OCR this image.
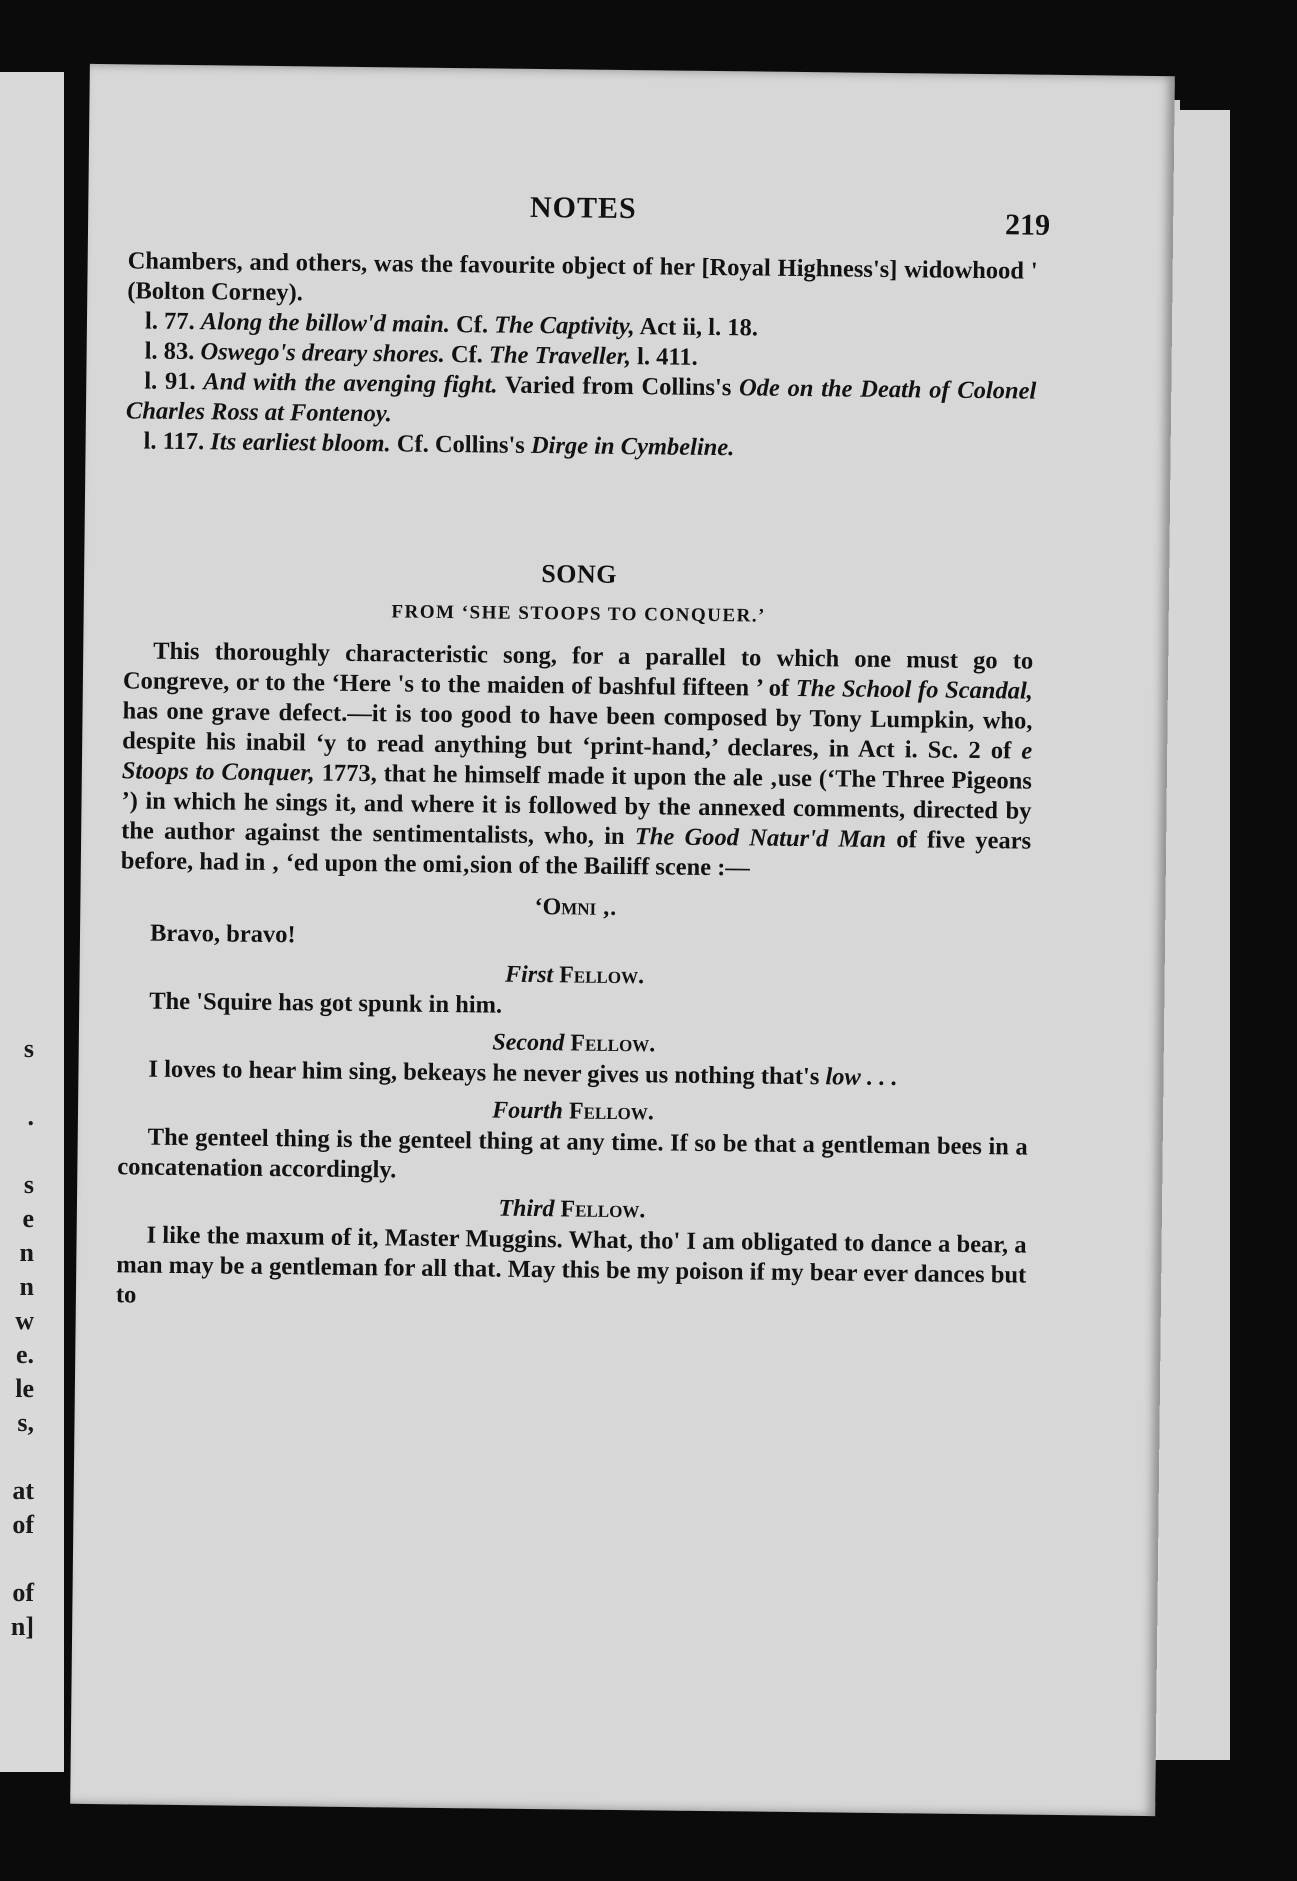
s

.

s
e
n
n
w
e.
le
s,

at
of

of
n]
NOTES	219

Chambers, and others, was the favourite object of her [Royal Highness's] widowhood ' (Bolton Corney).

l. 77. Along the billow'd main. Cf. The Captivity, Act ii, l. 18.

l. 83. Oswego's dreary shores. Cf. The Traveller, l. 411.

l. 91. And with the avenging fight. Varied from Collins's Ode on the Death of Colonel Charles Ross at Fontenoy.

l. 117. Its earliest bloom. Cf. Collins's Dirge in Cymbeline.

SONG
FROM ‘SHE STOOPS TO CONQUER.’

This thoroughly characteristic song, for a parallel to which one must go to Congreve, or to the ‘Here 's to the maiden of bashful fifteen ’ of The School fo Scandal, has one grave defect.—it is too good to have been composed by Tony Lumpkin, who, despite his inabil ‘y to read anything but ‘print-hand,’ declares, in Act i. Sc. 2 of e Stoops to Conquer, 1773, that he himself made it upon the ale ‚use (‘The Three Pigeons ’) in which he sings it, and where it is followed by the annexed comments, directed by the author against the sentimentalists, who, in The Good Natur'd Man of five years before, had in ‚ ‘ed upon the omi‚sion of the Bailiff scene :—

‘Omni ‚.

Bravo, bravo!

First Fellow.

The 'Squire has got spunk in him.

Second Fellow.

I loves to hear him sing, bekeays he never gives us nothing that's low . . .

Fourth Fellow.

The genteel thing is the genteel thing at any time. If so be that a gentleman bees in a concatenation accordingly.

Third Fellow.

I like the maxum of it, Master Muggins. What, tho' I am obligated to dance a bear, a man may be a gentleman for all that. May this be my poison if my bear ever dances but to
